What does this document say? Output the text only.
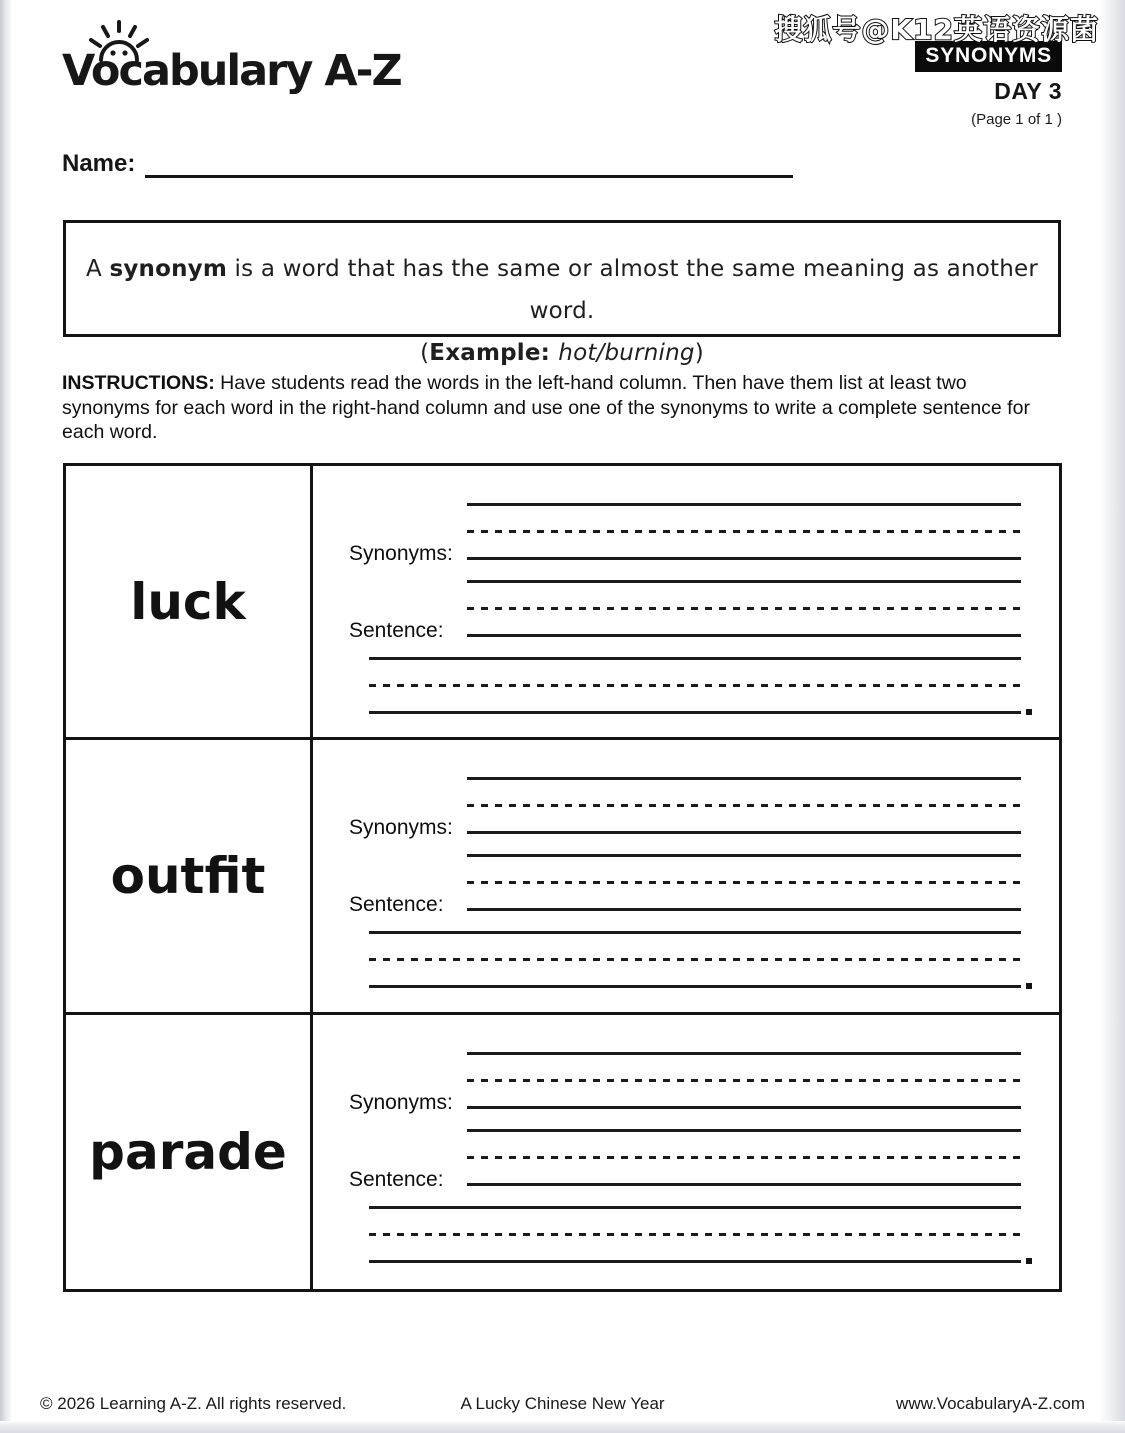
搜狐号@K12英语资源菌
SYNONYMS
DAY 3
(Page 1 of 1 )
Vocabulary A-Z
Name:
A synonym is a word that has the same or almost the same meaning as another word.
(Example: hot/burning)

INSTRUCTIONS: Have students read the words in the left-hand column. Then have them list at least two synonyms for each word in the right-hand column and use one of the synonyms to write a complete sentence for each word.

luck
Synonyms:
Sentence:
outfit
Synonyms:
Sentence:
parade
Synonyms:
Sentence:
© 2026 Learning A-Z. All rights reserved.	A Lucky Chinese New Year	www.VocabularyA-Z.com
